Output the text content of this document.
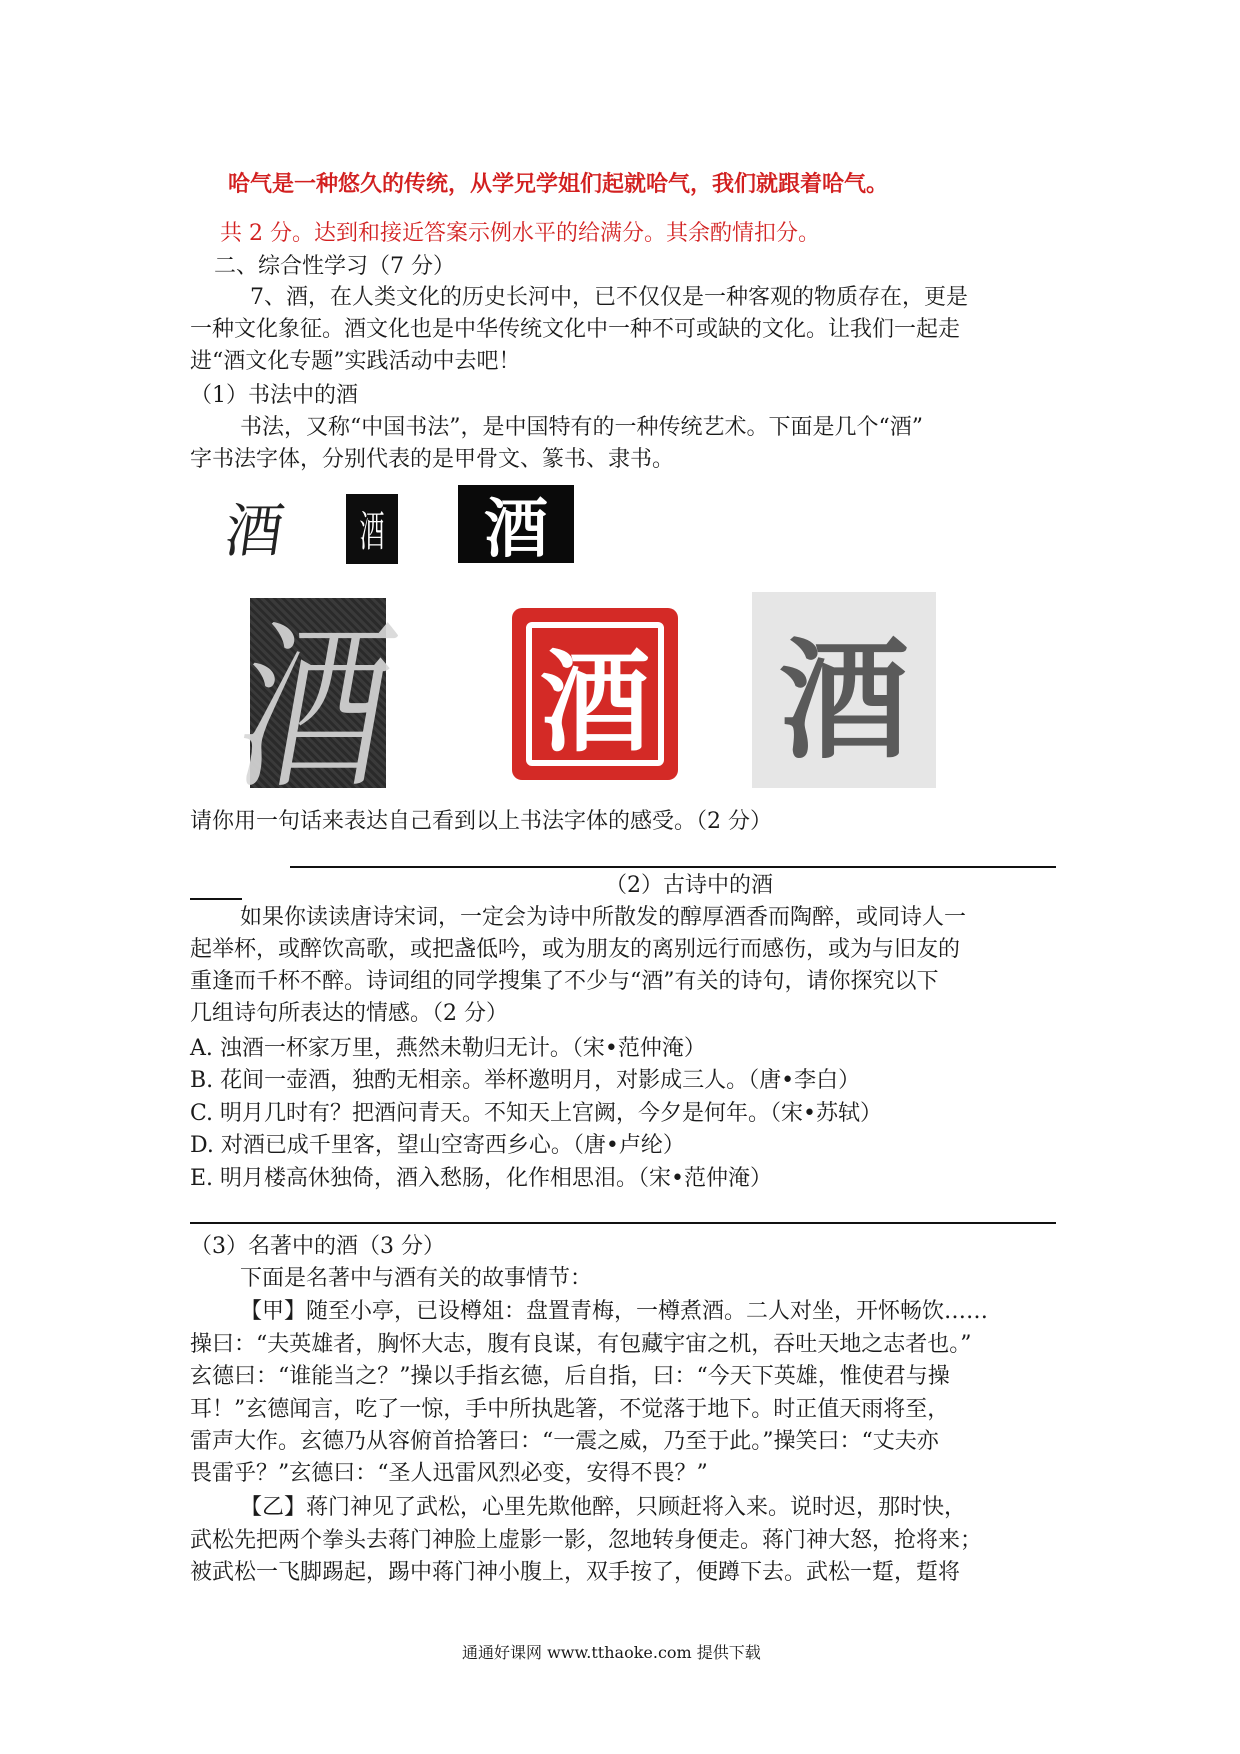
哈气是一种悠久的传统，从学兄学姐们起就哈气，我们就跟着哈气。
共 2 分。达到和接近答案示例水平的给满分。其余酌情扣分。
二、综合性学习（7 分）
7、酒，在人类文化的历史长河中，已不仅仅是一种客观的物质存在，更是
一种文化象征。酒文化也是中华传统文化中一种不可或缺的文化。让我们一起走
进“酒文化专题”实践活动中去吧！
（1）书法中的酒
书法，又称“中国书法”，是中国特有的一种传统艺术。下面是几个“酒”
字书法字体，分别代表的是甲骨文、篆书、隶书。
酒 酒 酒
酒 酒 酒
请你用一句话来表达自己看到以上书法字体的感受。（2 分）
（2）古诗中的酒
如果你读读唐诗宋词，一定会为诗中所散发的醇厚酒香而陶醉，或同诗人一
起举杯，或醉饮高歌，或把盏低吟，或为朋友的离别远行而感伤，或为与旧友的
重逢而千杯不醉。诗词组的同学搜集了不少与“酒”有关的诗句，请你探究以下
几组诗句所表达的情感。（2 分）
A. 浊酒一杯家万里，燕然未勒归无计。（宋•范仲淹）
B. 花间一壶酒，独酌无相亲。举杯邀明月，对影成三人。（唐•李白）
C. 明月几时有？把酒问青天。不知天上宫阙，今夕是何年。（宋•苏轼）
D. 对酒已成千里客，望山空寄西乡心。（唐•卢纶）
E. 明月楼高休独倚，酒入愁肠，化作相思泪。（宋•范仲淹）
（3）名著中的酒（3 分）
下面是名著中与酒有关的故事情节：
【甲】随至小亭，已设樽俎：盘置青梅，一樽煮酒。二人对坐，开怀畅饮……
操曰：“夫英雄者，胸怀大志，腹有良谋，有包藏宇宙之机，吞吐天地之志者也。”
玄德曰：“谁能当之？”操以手指玄德，后自指，曰：“今天下英雄，惟使君与操
耳！”玄德闻言，吃了一惊，手中所执匙箸，不觉落于地下。时正值天雨将至，
雷声大作。玄德乃从容俯首拾箸曰：“一震之威，乃至于此。”操笑曰：“丈夫亦
畏雷乎？”玄德曰：“圣人迅雷风烈必变，安得不畏？”
【乙】蒋门神见了武松，心里先欺他醉，只顾赶将入来。说时迟，那时快，
武松先把两个拳头去蒋门神脸上虚影一影，忽地转身便走。蒋门神大怒，抢将来；
被武松一飞脚踢起，踢中蒋门神小腹上，双手按了，便蹲下去。武松一踅，踅将
通通好课网 www.tthaoke.com 提供下载
